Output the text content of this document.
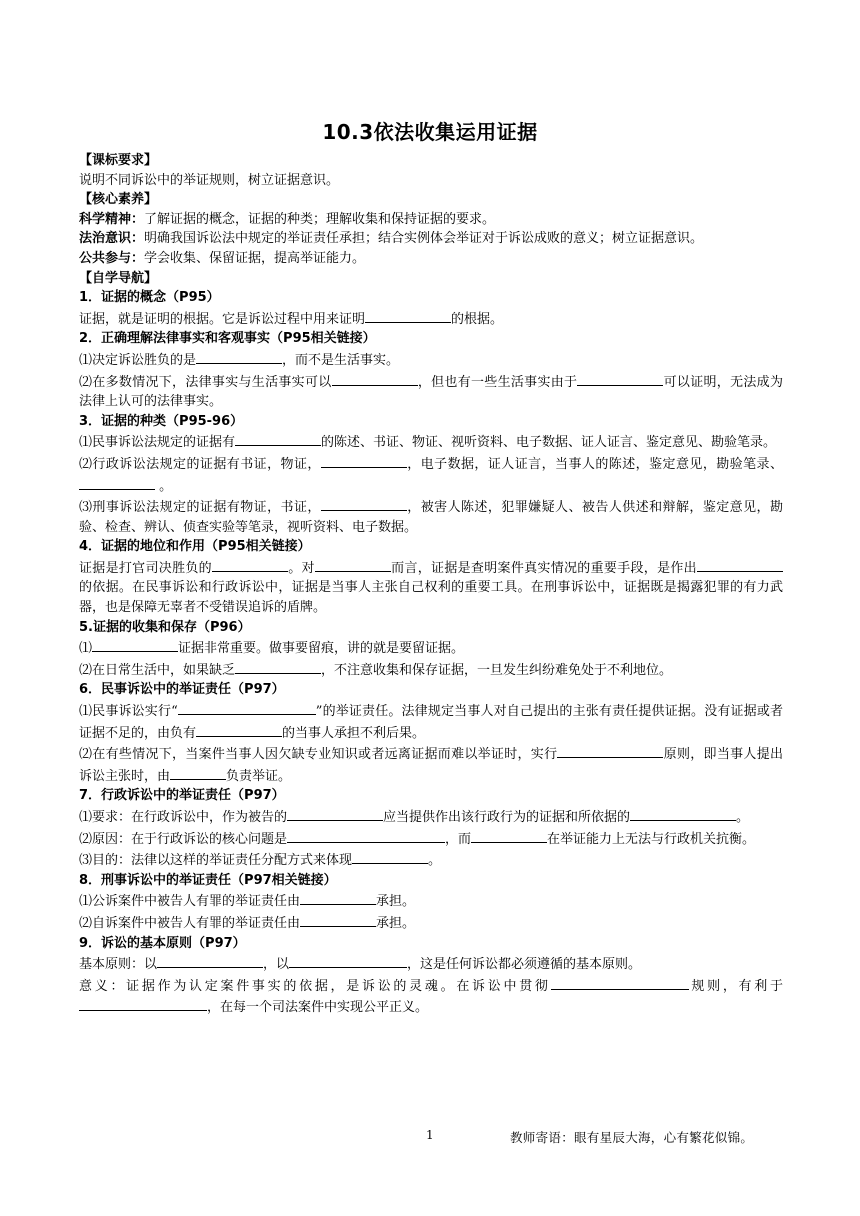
10.3依法收集运用证据

【课标要求】

说明不同诉讼中的举证规则，树立证据意识。

【核心素养】

科学精神：了解证据的概念，证据的种类；理解收集和保持证据的要求。

法治意识：明确我国诉讼法中规定的举证责任承担；结合实例体会举证对于诉讼成败的意义；树立证据意识。

公共参与：学会收集、保留证据，提高举证能力。

【自学导航】

1．证据的概念（P95）

证据，就是证明的根据。它是诉讼过程中用来证明	的根据。

2．正确理解法律事实和客观事实（P95相关链接）

⑴决定诉讼胜负的是	，而不是生活事实。

⑵在多数情况下，法律事实与生活事实可以	，但也有一些生活事实由于	可以证明，无法成为法律上认可的法律事实。

3．证据的种类（P95-96）

⑴民事诉讼法规定的证据有	的陈述、书证、物证、视听资料、电子数据、证人证言、鉴定意见、勘验笔录。

⑵行政诉讼法规定的证据有书证，物证，	，电子数据，证人证言，当事人的陈述，鉴定意见，勘验笔录、 。

⑶刑事诉讼法规定的证据有物证，书证，	，被害人陈述，犯罪嫌疑人、被告人供述和辩解，鉴定意见，勘验、检查、辨认、侦查实验等笔录，视听资料、电子数据。

4．证据的地位和作用（P95相关链接）

证据是打官司决胜负的	。对	而言，证据是查明案件真实情况的重要手段，是作出的依据。在民事诉讼和行政诉讼中，证据是当事人主张自己权利的重要工具。在刑事诉讼中，证据既是揭露犯罪的有力武器，也是保障无辜者不受错误追诉的盾牌。

5.证据的收集和保存（P96）

⑴	证据非常重要。做事要留痕，讲的就是要留证据。

⑵在日常生活中，如果缺乏	，不注意收集和保存证据，一旦发生纠纷难免处于不利地位。

6．民事诉讼中的举证责任（P97）

⑴民事诉讼实行“	”的举证责任。法律规定当事人对自己提出的主张有责任提供证据。没有证据或者证据不足的，由负有	的当事人承担不利后果。

⑵在有些情况下，当案件当事人因欠缺专业知识或者远离证据而难以举证时，实行	原则，即当事人提出诉讼主张时，由	负责举证。

7．行政诉讼中的举证责任（P97）

⑴要求：在行政诉讼中，作为被告的	应当提供作出该行政行为的证据和所依据的	。

⑵原因：在于行政诉讼的核心问题是	，而	在举证能力上无法与行政机关抗衡。

⑶目的：法律以这样的举证责任分配方式来体现	。

8．刑事诉讼中的举证责任（P97相关链接）

⑴公诉案件中被告人有罪的举证责任由	承担。

⑵自诉案件中被告人有罪的举证责任由	承担。

9．诉讼的基本原则（P97）

基本原则：以	，以	，这是任何诉讼都必须遵循的基本原则。

意义：证据作为认定案件事实的依据，是诉讼的灵魂。在诉讼中贯彻	规则，有利于，在每一个司法案件中实现公平正义。

1	教师寄语：眼有星辰大海，心有繁花似锦。
